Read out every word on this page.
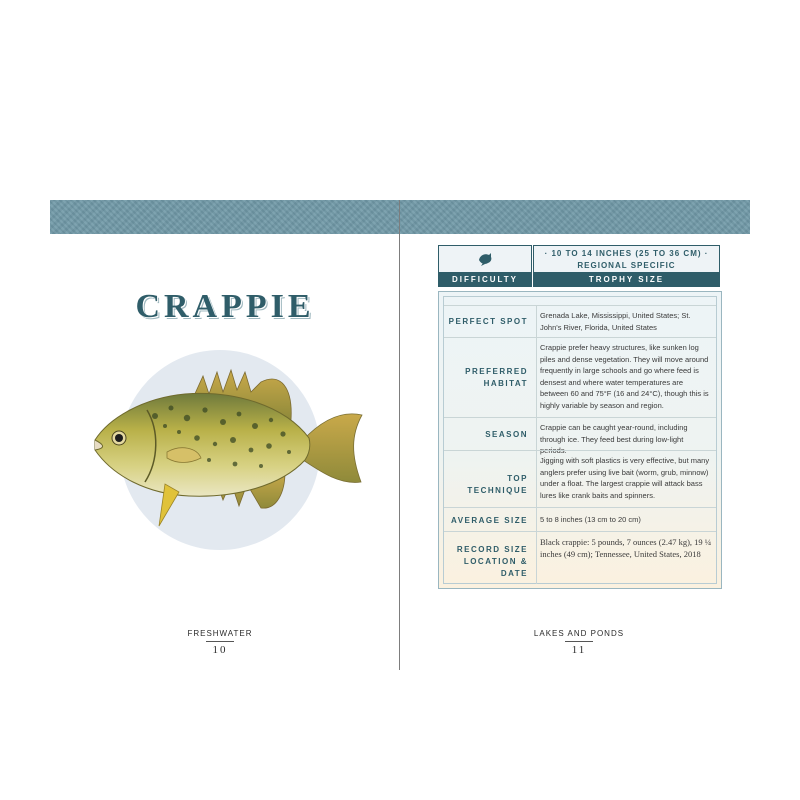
CRAPPIE
FRESHWATER
10
DIFFICULTY
· 10 TO 14 INCHES (25 TO 36 CM) ·
REGIONAL SPECIFIC
TROPHY SIZE
PERFECT SPOT
Grenada Lake, Mississippi, United States; St. John's River, Florida, United States
PREFERRED
HABITAT
Crappie prefer heavy structures, like sunken log piles and dense vegetation. They will move around frequently in large schools and go where feed is densest and where water temperatures are between 60 and 75°F (16 and 24°C), though this is highly variable by season and region.
SEASON
Crappie can be caught year-round, including through ice. They feed best during low-light periods.
TOP TECHNIQUE
Jigging with soft plastics is very effective, but many anglers prefer using live bait (worm, grub, minnow) under a float. The largest crappie will attack bass lures like crank baits and spinners.
AVERAGE SIZE	5 to 8 inches (13 cm to 20 cm)
RECORD SIZE
LOCATION & DATE
Black crappie: 5 pounds, 7 ounces (2.47 kg), 19 ¼ inches (49 cm); Tennessee, United States, 2018
LAKES AND PONDS
11
